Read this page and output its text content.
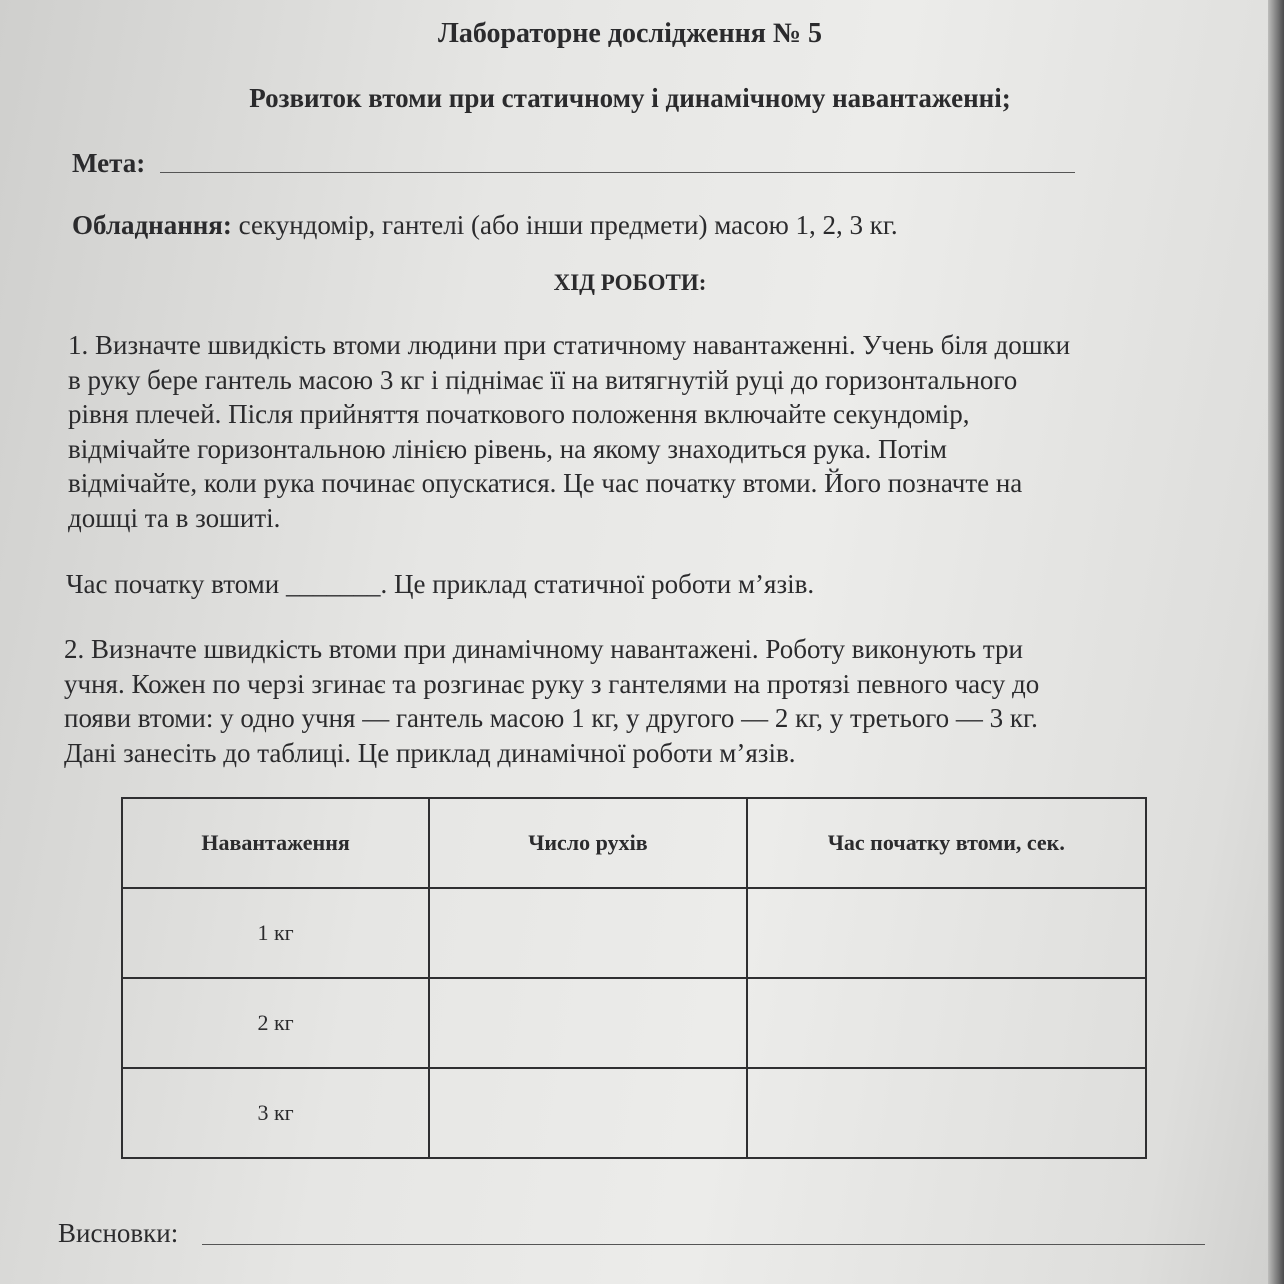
Лабораторне дослідження № 5
Розвиток втоми при статичному і динамічному навантаженні;
Мета:
Обладнання: секундомір, гантелі (або інши предмети) масою 1, 2, 3 кг.
ХІД РОБОТИ:
1. Визначте швидкість втоми людини при статичному навантаженні. Учень біля дошки
в руку бере гантель масою 3 кг і піднімає її на витягнутій руці до горизонтального
рівня плечей. Після прийняття початкового положення включайте секундомір,
відмічайте горизонтальною лінією рівень, на якому знаходиться рука. Потім
відмічайте, коли рука починає опускатися. Це час початку втоми. Його позначте на
дошці та в зошиті.
Час початку втоми _______. Це приклад статичної роботи м’язів.
2. Визначте швидкість втоми при динамічному навантажені. Роботу виконують три
учня. Кожен по черзі згинає та розгинає руку з гантелями на протязі певного часу до
появи втоми: у одно учня — гантель масою 1 кг, у другого — 2 кг, у третього — 3 кг.
Дані занесіть до таблиці. Це приклад динамічної роботи м’язів.
Навантаження	Число рухів	Час початку втоми, сек.
1 кг		
2 кг		
3 кг		
Висновки:
